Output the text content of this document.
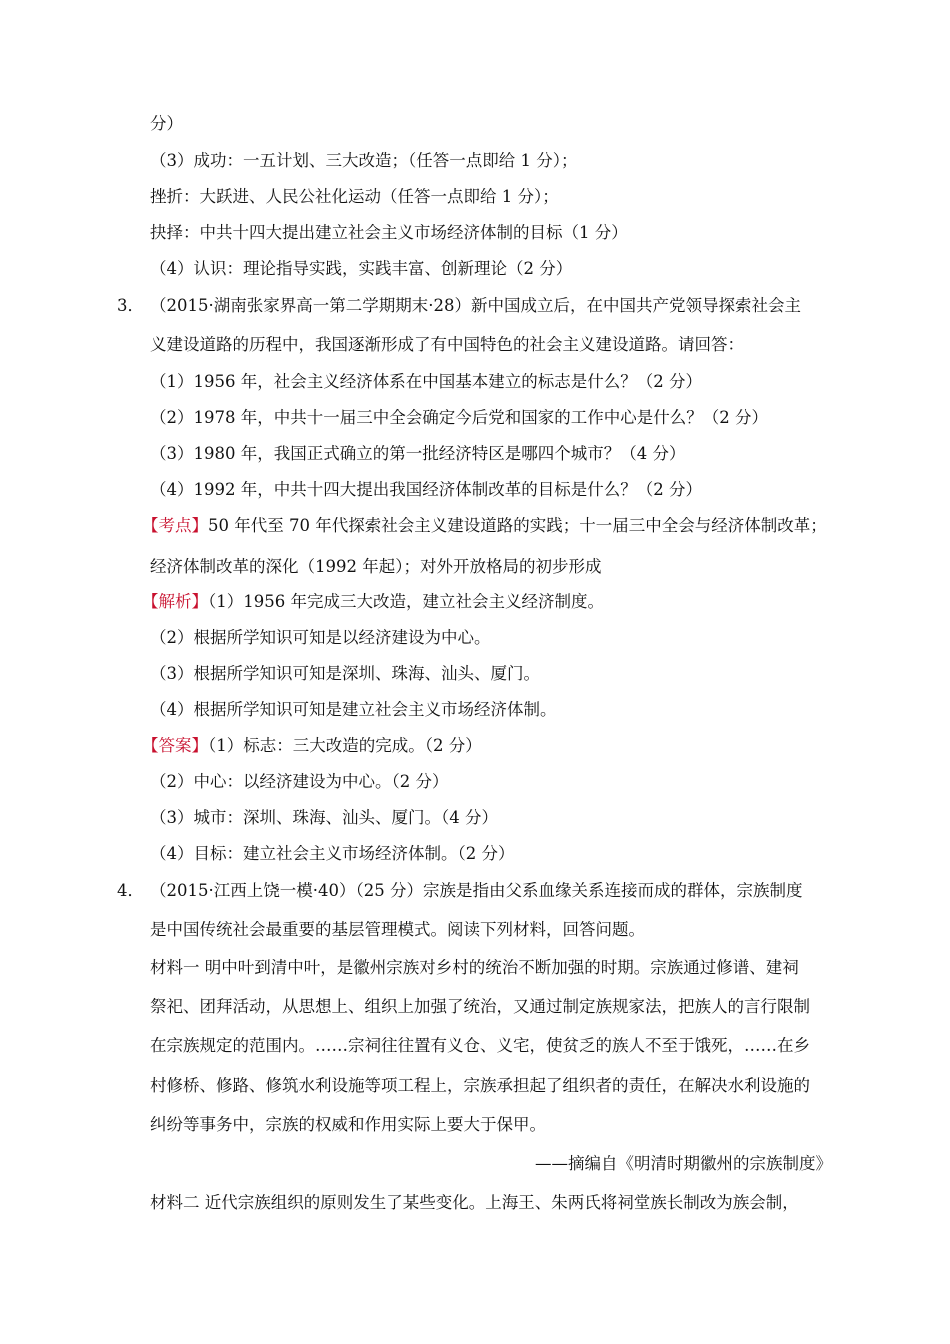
分）
（3）成功：一五计划、三大改造；（任答一点即给 1 分）；
挫折：大跃进、人民公社化运动（任答一点即给 1 分）；
抉择：中共十四大提出建立社会主义市场经济体制的目标（1 分）
（4）认识：理论指导实践，实践丰富、创新理论（2 分）
3． （2015·湖南张家界高一第二学期期末·28）新中国成立后，在中国共产党领导探索社会主
义建设道路的历程中，我国逐渐形成了有中国特色的社会主义建设道路。请回答：
（1）1956 年，社会主义经济体系在中国基本建立的标志是什么？（2 分）
（2）1978 年，中共十一届三中全会确定今后党和国家的工作中心是什么？（2 分）
（3）1980 年，我国正式确立的第一批经济特区是哪四个城市？（4 分）
（4）1992 年，中共十四大提出我国经济体制改革的目标是什么？（2 分）
【考点】50 年代至 70 年代探索社会主义建设道路的实践；十一届三中全会与经济体制改革；
经济体制改革的深化（1992 年起）；对外开放格局的初步形成
【解析】（1）1956 年完成三大改造，建立社会主义经济制度。
（2）根据所学知识可知是以经济建设为中心。
（3）根据所学知识可知是深圳、珠海、汕头、厦门。
（4）根据所学知识可知是建立社会主义市场经济体制。
【答案】（1）标志：三大改造的完成。（2 分）
（2）中心：以经济建设为中心。（2 分）
（3）城市：深圳、珠海、汕头、厦门。（4 分）
（4）目标：建立社会主义市场经济体制。（2 分）
4． （2015·江西上饶一模·40）（25 分）宗族是指由父系血缘关系连接而成的群体，宗族制度
是中国传统社会最重要的基层管理模式。阅读下列材料，回答问题。
材料一 明中叶到清中叶，是徽州宗族对乡村的统治不断加强的时期。宗族通过修谱、建祠
祭祀、团拜活动，从思想上、组织上加强了统治，又通过制定族规家法，把族人的言行限制
在宗族规定的范围内。……宗祠往往置有义仓、义宅，使贫乏的族人不至于饿死，……在乡
村修桥、修路、修筑水利设施等项工程上，宗族承担起了组织者的责任，在解决水利设施的
纠纷等事务中，宗族的权威和作用实际上要大于保甲。
——摘编自《明清时期徽州的宗族制度》
材料二 近代宗族组织的原则发生了某些变化。上海王、朱两氏将祠堂族长制改为族会制，
